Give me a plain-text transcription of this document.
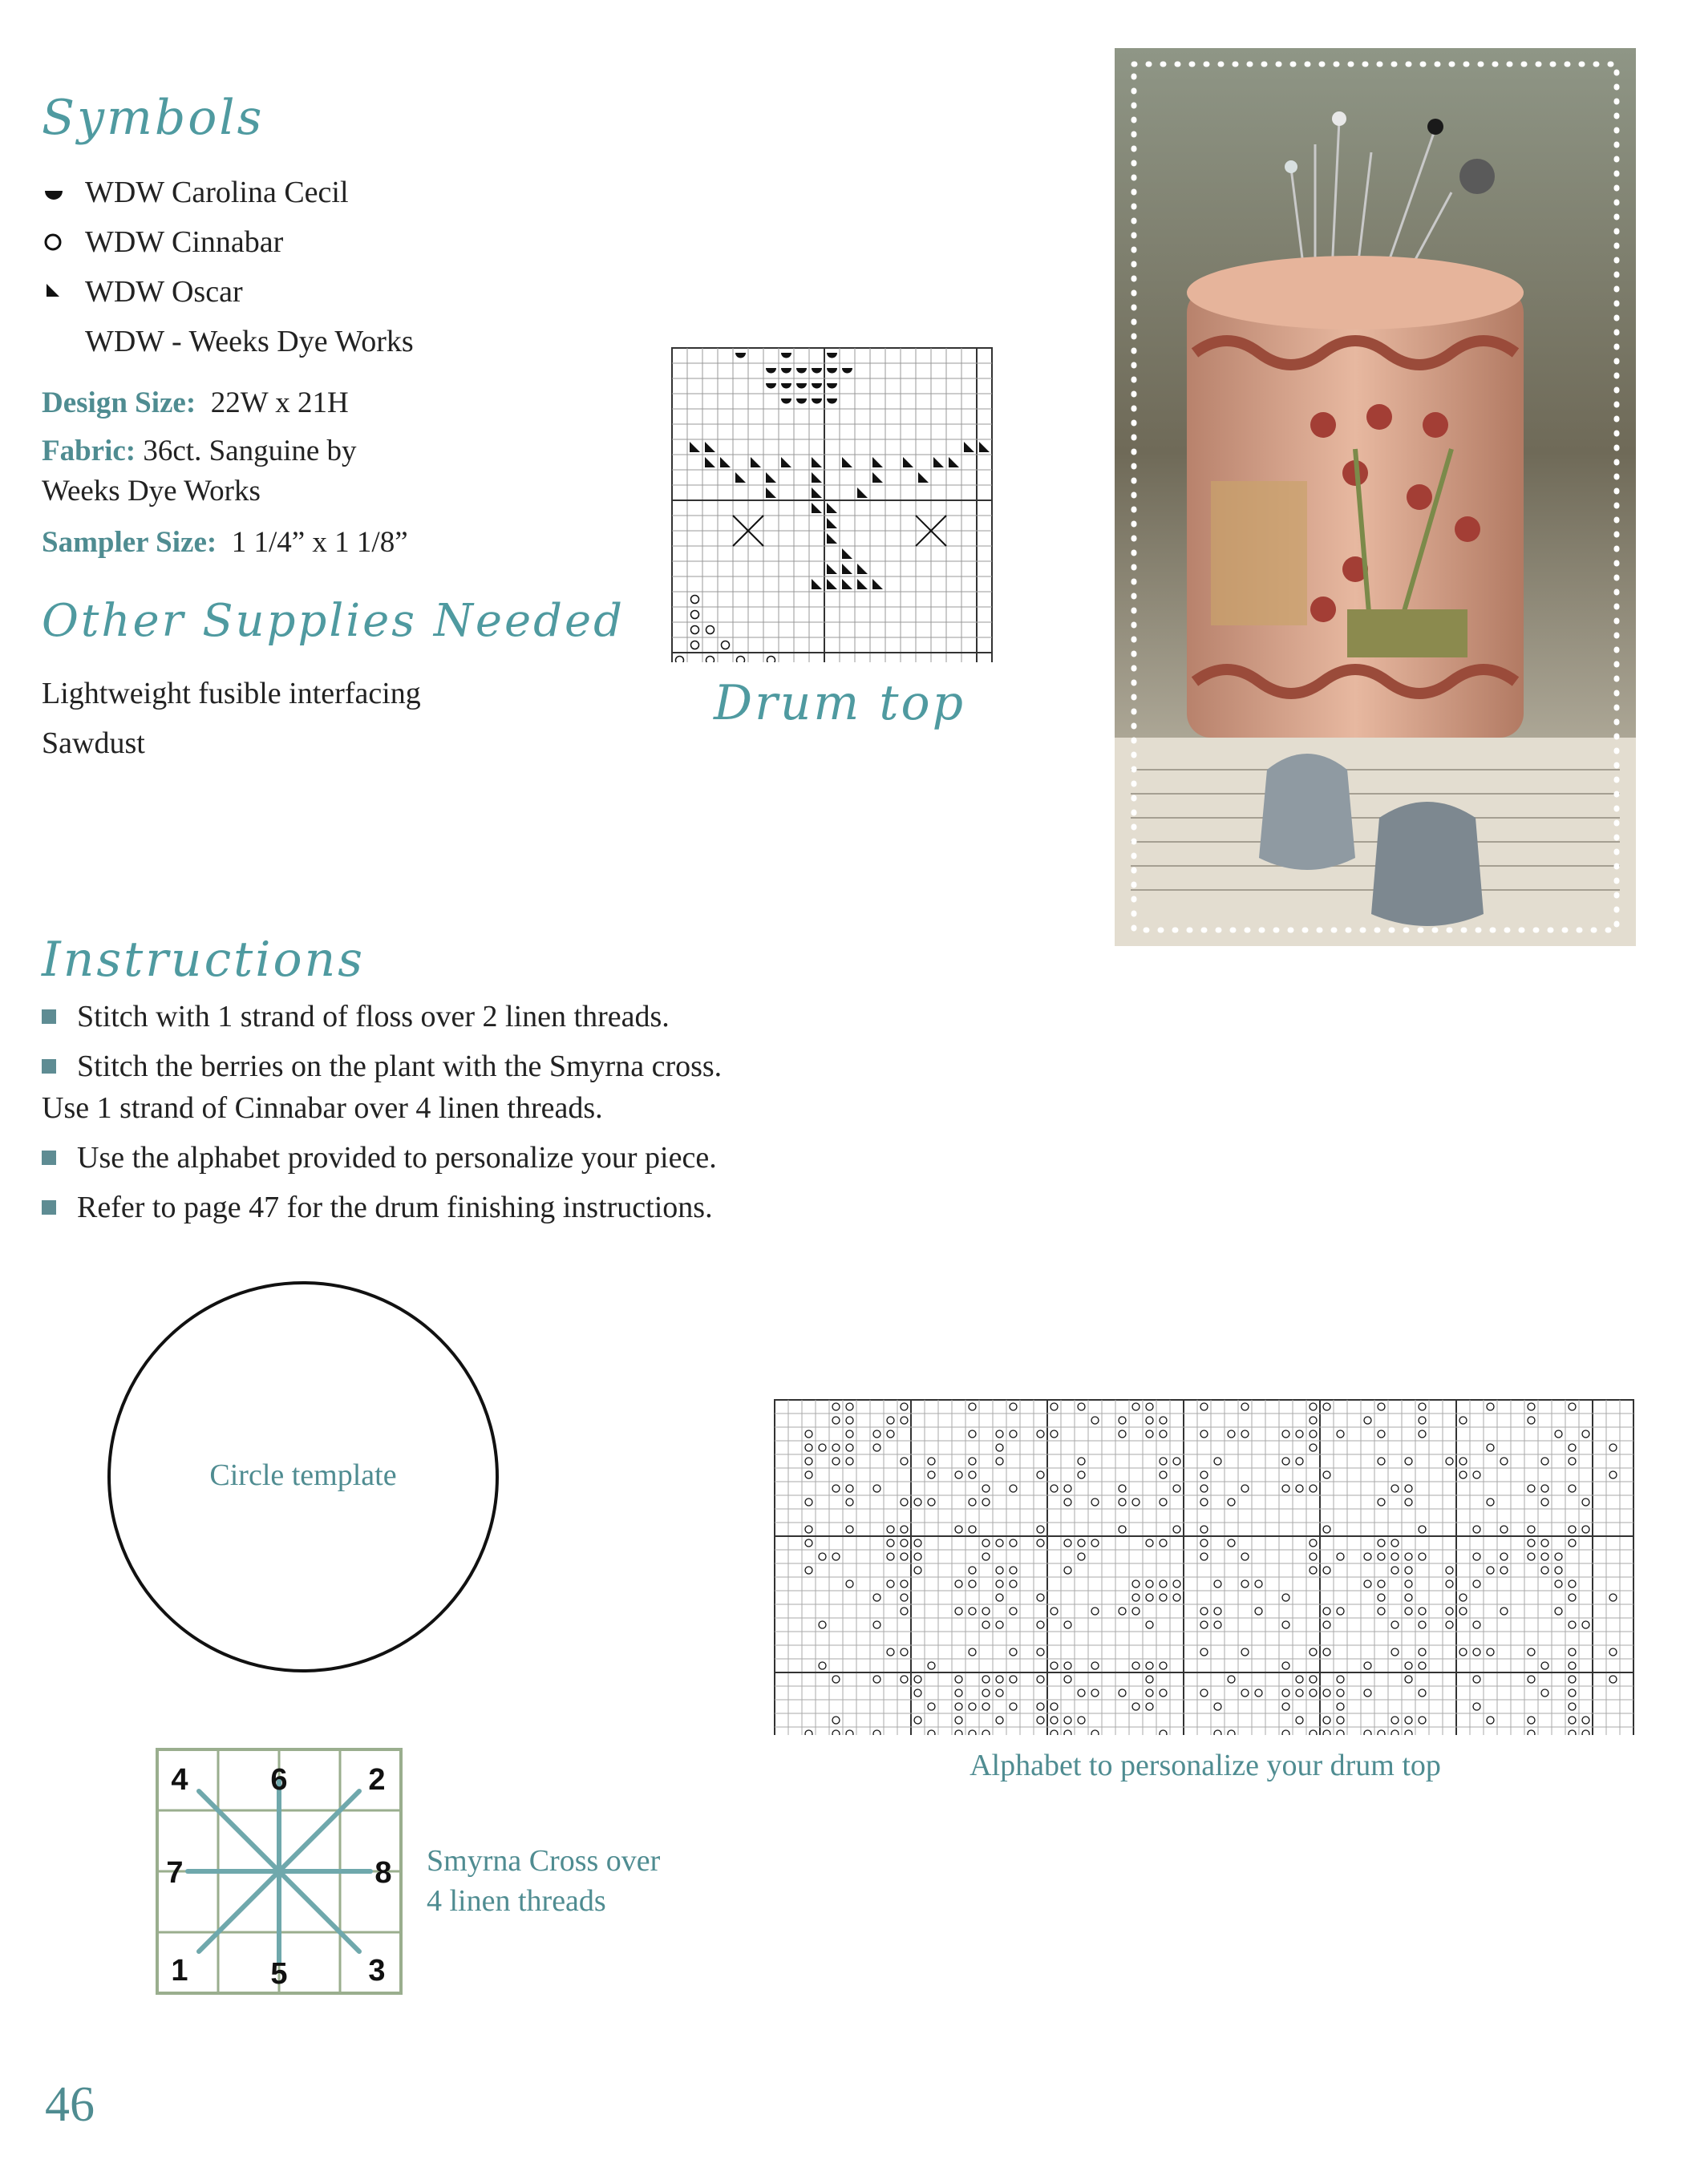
Symbols
WDW Carolina Cecil
WDW Cinnabar
WDW Oscar
WDW - Weeks Dye Works
Design Size: 22W x 21H
Fabric: 36ct. Sanguine by
Weeks Dye Works
Sampler Size: 1 1/4” x 1 1/8”
Other Supplies Needed
Lightweight fusible interfacing
Sawdust
Drum top
Instructions
Stitch with 1 strand of floss over 2 linen threads.
Stitch the berries on the plant with the Smyrna cross.
Use 1 strand of Cinnabar over 4 linen threads.
Use the alphabet provided to personalize your piece.
Refer to page 47 for the drum finishing instructions.
Circle template
Alphabet to personalize your drum top
4	6	2
7	8
1	5	3
Smyrna Cross over
4 linen threads
46
